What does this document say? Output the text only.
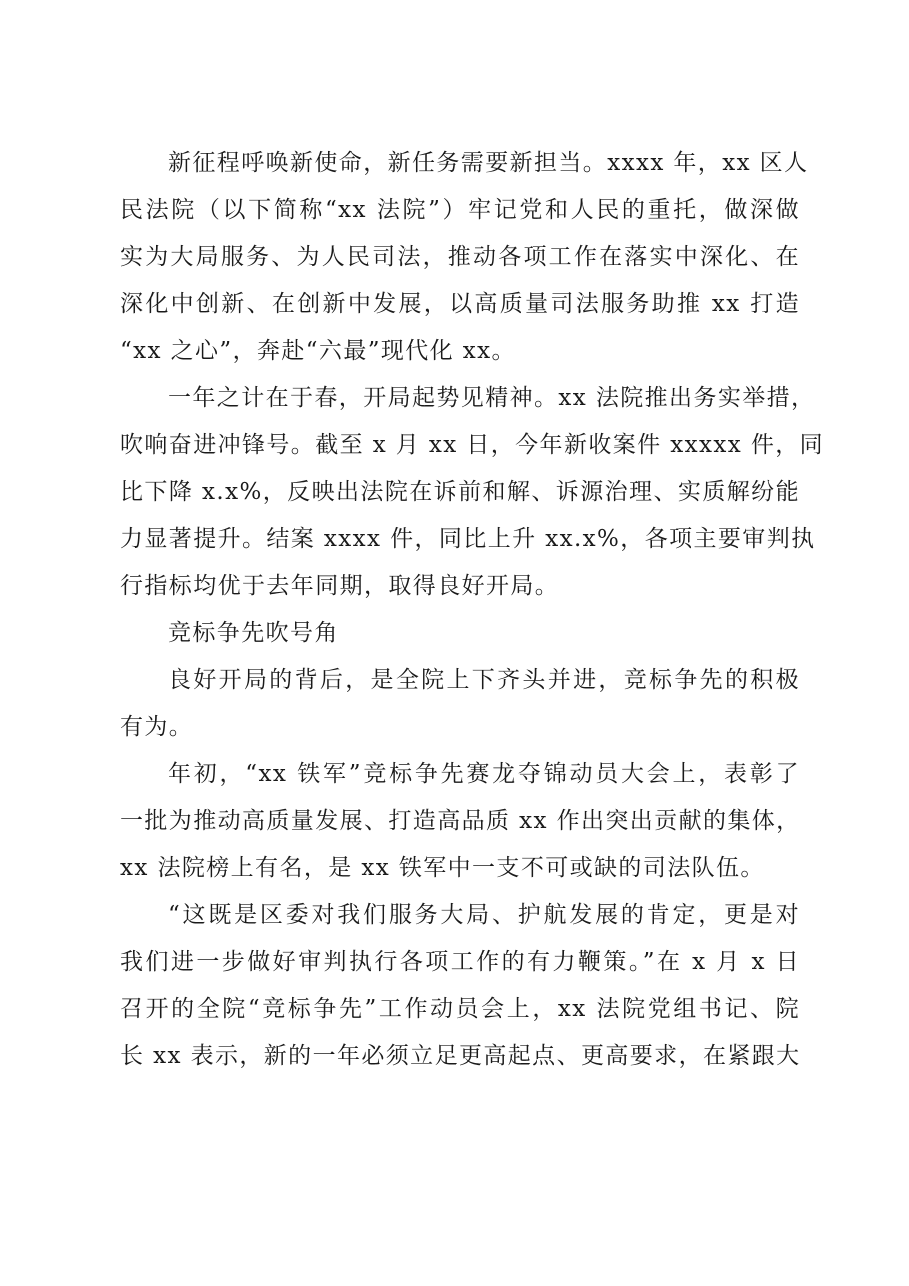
新征程呼唤新使命，新任务需要新担当。xxxx 年，xx 区人
民法院（以下简称“xx 法院”）牢记党和人民的重托，做深做
实为大局服务、为人民司法，推动各项工作在落实中深化、在
深化中创新、在创新中发展，以高质量司法服务助推 xx 打造
“xx 之心”，奔赴“六最”现代化 xx。
一年之计在于春，开局起势见精神。xx 法院推出务实举措，
吹响奋进冲锋号。截至 x 月 xx 日，今年新收案件 xxxxx 件，同
比下降 x.x%，反映出法院在诉前和解、诉源治理、实质解纷能
力显著提升。结案 xxxx 件，同比上升 xx.x%，各项主要审判执
行指标均优于去年同期，取得良好开局。
竞标争先吹号角
良好开局的背后，是全院上下齐头并进，竞标争先的积极
有为。
年初，“xx 铁军”竞标争先赛龙夺锦动员大会上，表彰了
一批为推动高质量发展、打造高品质 xx 作出突出贡献的集体，
xx 法院榜上有名，是 xx 铁军中一支不可或缺的司法队伍。
“这既是区委对我们服务大局、护航发展的肯定，更是对
我们进一步做好审判执行各项工作的有力鞭策。”在 x 月 x 日
召开的全院“竞标争先”工作动员会上，xx 法院党组书记、院
长 xx 表示，新的一年必须立足更高起点、更高要求，在紧跟大
